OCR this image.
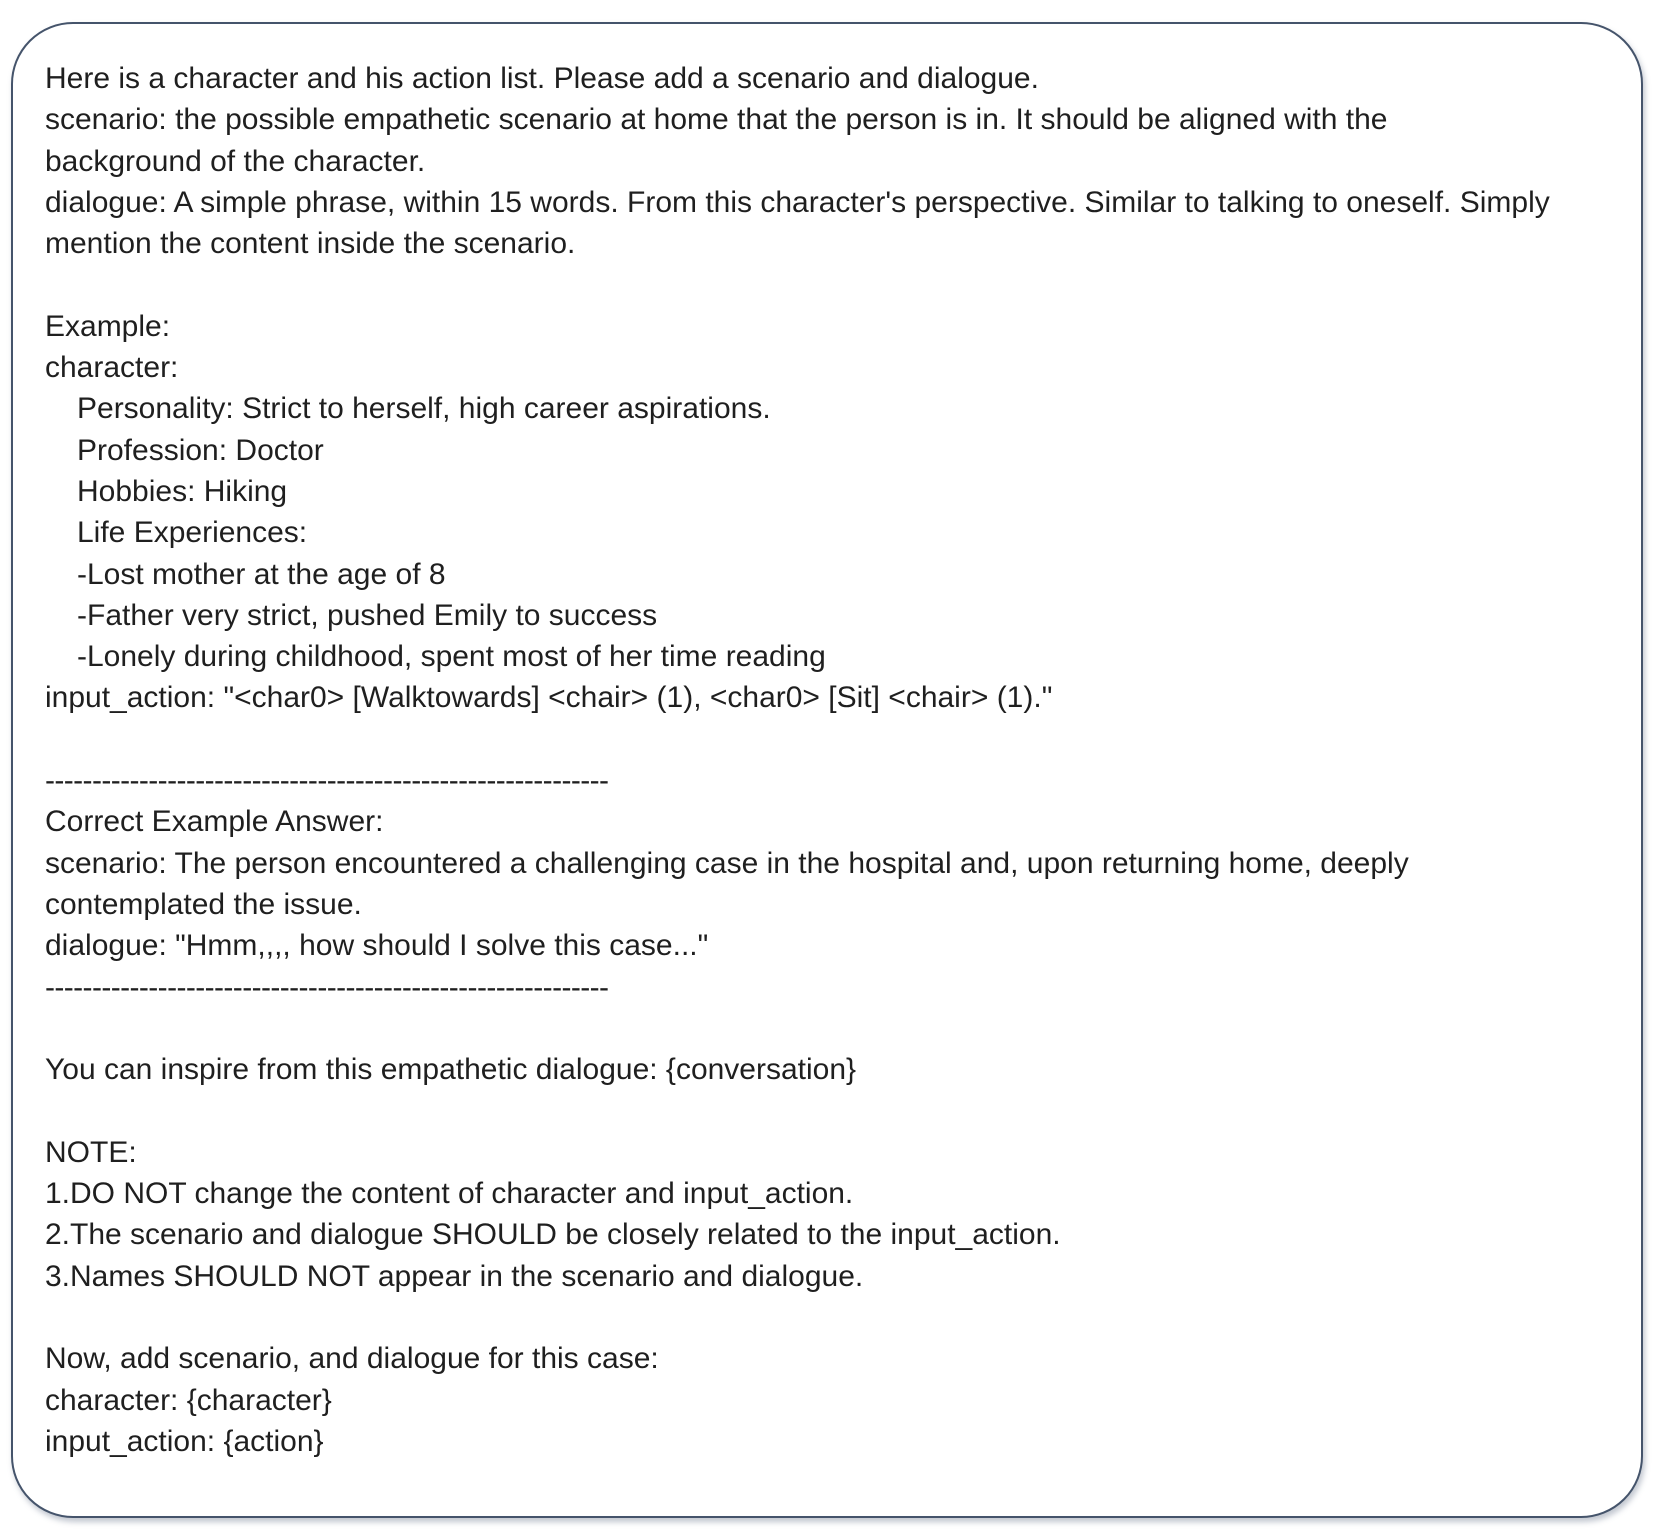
Here is a character and his action list. Please add a scenario and dialogue.
scenario: the possible empathetic scenario at home that the person is in. It should be aligned with the
background of the character.
dialogue: A simple phrase, within 15 words. From this character's perspective. Similar to talking to oneself. Simply
mention the content inside the scenario.
Example:
character:
Personality: Strict to herself, high career aspirations.
Profession: Doctor
Hobbies: Hiking
Life Experiences:
-Lost mother at the age of 8
-Father very strict, pushed Emily to success
-Lonely during childhood, spent most of her time reading
input_action: "<char0> [Walktowards] <chair> (1), <char0> [Sit] <chair> (1)."
------------------------------------------------------------
Correct Example Answer:
scenario: The person encountered a challenging case in the hospital and, upon returning home, deeply
contemplated the issue.
dialogue: "Hmm,,,, how should I solve this case..."
------------------------------------------------------------
You can inspire from this empathetic dialogue: {conversation}
NOTE:
1.DO NOT change the content of character and input_action.
2.The scenario and dialogue SHOULD be closely related to the input_action.
3.Names SHOULD NOT appear in the scenario and dialogue.
Now, add scenario, and dialogue for this case:
character: {character}
input_action: {action}
